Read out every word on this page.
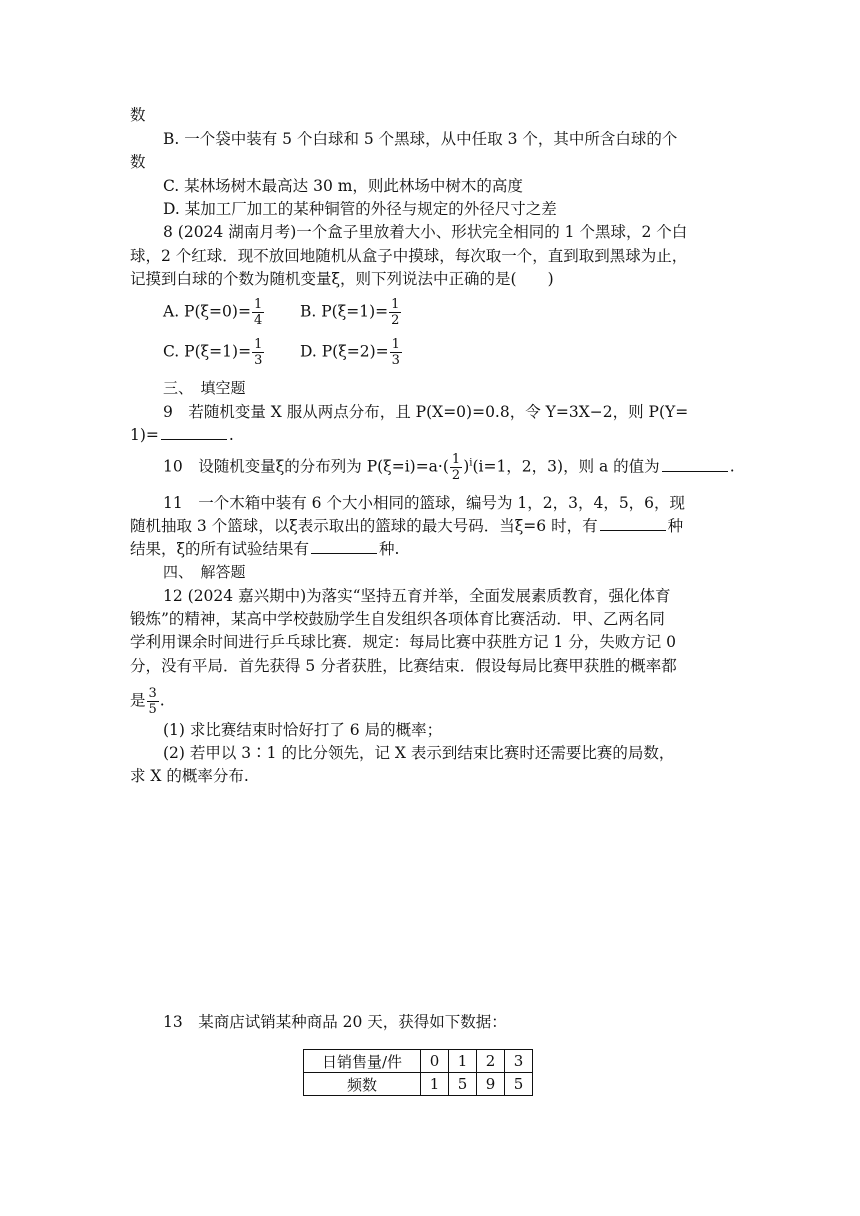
数
B. 一个袋中装有 5 个白球和 5 个黑球，从中任取 3 个，其中所含白球的个
数
C. 某林场树木最高达 30 m，则此林场中树木的高度
D. 某加工厂加工的某种铜管的外径与规定的外径尺寸之差
8 (2024 湖南月考)一个盒子里放着大小、形状完全相同的 1 个黑球，2 个白
球，2 个红球．现不放回地随机从盒子中摸球，每次取一个，直到取到黑球为止，
记摸到白球的个数为随机变量ξ，则下列说法中正确的是(　　)
A. $P(\xi=0)= \frac{1}{4} B$. $P(\xi=1)= \frac{1}{2}$
C. $P(\xi=1)= \frac{1}{3} D$. $P(\xi=2)= \frac{1}{3}$
三、　填空题
9　若随机变量 X 服从两点分布，且 P(X=0)=0.8，令 Y=3X−2，则 P(Y=
1)=	.
10　设随机变量ξ的分布列为 $P(\xi=i)=a\cdot( \frac{1}{2} )^i(i=1$，2，3)，则 a 的值为	.
11　一个木箱中装有 6 个大小相同的篮球，编号为 1，2，3，4，5，6，现
随机抽取 3 个篮球，以ξ表示取出的篮球的最大号码．当ξ=6 时，有	种
结果，ξ的所有试验结果有	种.
四、　解答题
12 (2024 嘉兴期中)为落实“坚持五育并举，全面发展素质教育，强化体育
锻炼”的精神，某高中学校鼓励学生自发组织各项体育比赛活动．甲、乙两名同
学利用课余时间进行乒乓球比赛．规定：每局比赛中获胜方记 1 分，失败方记 0
分，没有平局．首先获得 5 分者获胜，比赛结束．假设每局比赛甲获胜的概率都
是 $\frac{3}{5}$ .
(1) 求比赛结束时恰好打了 6 局的概率；
(2) 若甲以 3∶1 的比分领先，记 X 表示到结束比赛时还需要比赛的局数，
求 X 的概率分布.
13　某商店试销某种商品 20 天，获得如下数据：
日销售量/件	0	1	2	3
频数	1	5	9	5
